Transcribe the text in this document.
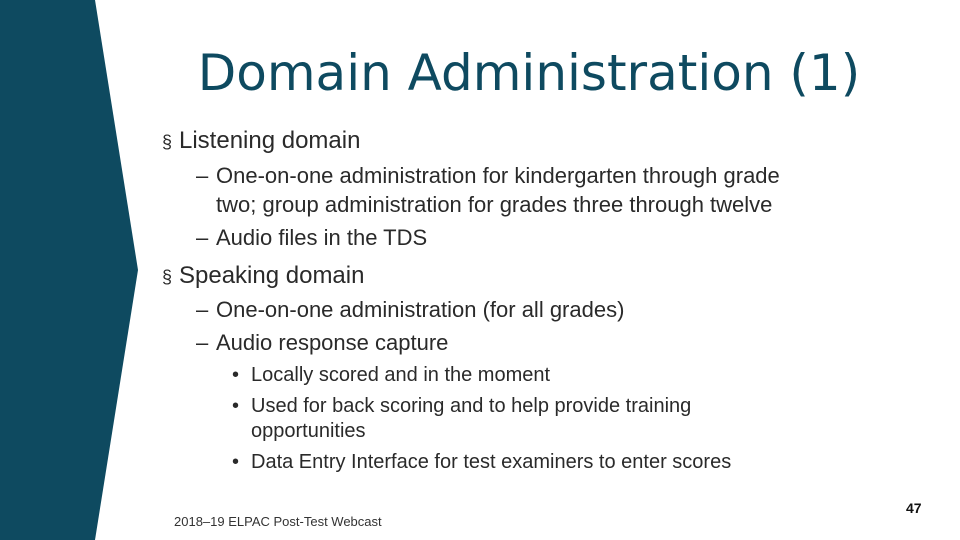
Domain Administration (1)
§ Listening domain
– One-on-one administration for kindergarten through grade
two; group administration for grades three through twelve
– Audio files in the TDS
§ Speaking domain
– One-on-one administration (for all grades)
– Audio response capture
• Locally scored and in the moment
• Used for back scoring and to help provide training
opportunities
• Data Entry Interface for test examiners to enter scores
2018–19 ELPAC Post-Test Webcast
47
